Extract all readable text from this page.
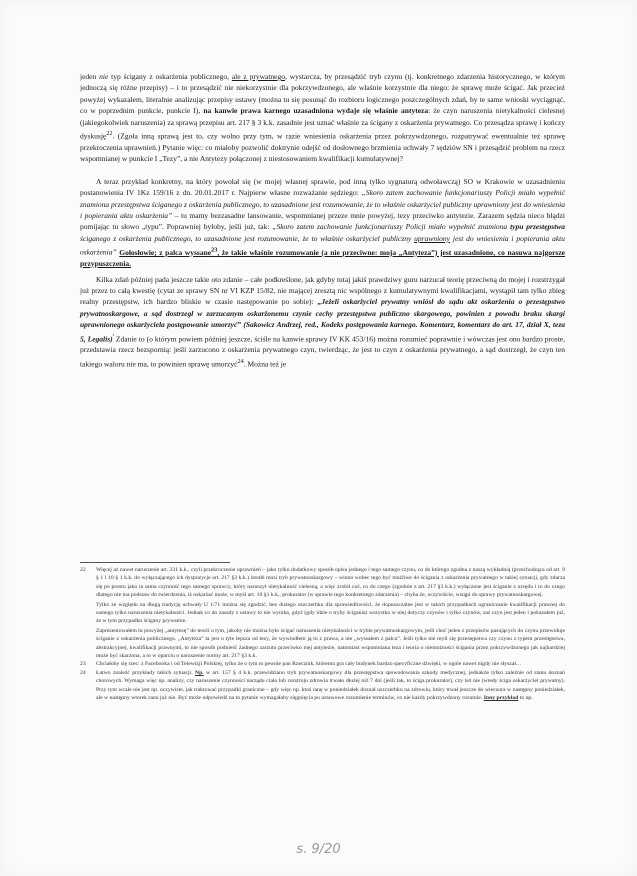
jeden nie typ ścigany z oskarżenia publicznego, ale z prywatnego, wystarcza, by przesądzić tryb czynu (tj. konkretnego zdarzenia historycznego, w którym jednoczą się różne przepisy) – i to przesądzić nie niekorzystnie dla pokrzywdzonego, ale właśnie korzystnie dla niego: że sprawę może ścigać. Jak przecież powyżej wykazałem, literalnie analizując przepisy ustawy (można tu się posunąć do rozbioru logicznego poszczególnych zdań, by te same wnioski wyciągnąć, co w poprzednim punkcie, punkcie I), na kanwie prawa karnego uzasadniona wydaje się właśnie antyteza: że czyn naruszenia nietykalności cielesnej (jakiegokolwiek naruszenia) za sprawą przepisu art. 217 § 3 k.k. zasadnie jest uznać właśnie za ścigany z oskarżenia prywatnego. Co przesądza sprawę i kończy dyskusję$^{22}$. (Zgoła inną sprawą jest to, czy wolno przy tym, w razie wniesienia oskarżenia przez pokrzywdzonego, rozpatrywać ewentualnie też sprawę przekroczenia uprawnień.) Pytanie więc: co miałoby pozwolić doktrynie odejść od dosłownego brzmienia uchwały 7 sędziów SN i przesądzić problem na rzecz wspomnianej w punkcie I „Tezy”, a nie Antytezy połączonej z niestosowaniem kwalifikacji kumulatywnej?

A teraz przykład konkretny, na który powołał się (w mojej własnej sprawie, pod inną tylko sygnaturą odwoławczą) SO w Krakowie w uzasadnieniu postanowienia IV 1Kz 159/16 z dn. 20.01.2017 r. Najpierw własne rozważanie sędziego: „Skoro zatem zachowanie funkcjonariuszy Policji miało wypełnić znamiona przestępstwa ściganego z oskarżenia publicznego, to uzasadnione jest rozumowanie, że to właśnie oskarżyciel publiczny uprawniony jest do wniesienia i popierania aktu oskarżenia” – tu mamy bezzasadne lansowanie, wspomnianej przeze mnie powyżej, tezy przeciwko antytezie. Zarazem sędzia nieco błądzi pomijając tu słowo „typu”. Poprawniej byłoby, jeśli już, tak: „Skoro zatem zachowanie funkcjonariuszy Policji miało wypełnić znamiona typu przestępstwa ściganego z oskarżenia publicznego, to uzasadnione jest rozumowanie, że to właśnie oskarżyciel publiczny uprawniony jest do wniesienia i popierania aktu oskarżenia” Gołosłowie; z palca wyssane$^{23}$, że takie właśnie rozumowanie (a nie przeciwne: moja „Antyteza”) jest uzasadnione, co nasuwa najgorsze przypuszczenia.

Kilka zdań później pada jeszcze takie oto zdanie – całe podkreślone, jak gdyby tutaj jakiś prawdziwy guru narzucał teorię przeciwną do mojej i rozstrzygał już przez to całą kwestię (cytat ze sprawy SN nr VI KZP 15/82, nie mającej zresztą nic wspólnego z kumulatywnymi kwalifikacjami, wystąpił tam tylko zbieg realny przestępstw, ich bardzo bliskie w czasie następowanie po sobie): „Jeżeli oskarżyciel prywatny wniósł do sądu akt oskarżenia o przestępstwo prywatnoskargowe, a sąd dostrzegł w zarzucanym oskarżonemu czynie cechy przestępstwa publiczno skargowego, powinien z powodu braku skargi uprawnionego oskarżyciela postępowanie umorzyć” (Sakowicz Andrzej, red., Kodeks postępowania karnego. Komentarz, komentarz do art. 17, dział X, teza 5, Legalis)$^{^i}$ Zdanie to (o którym powiem później jeszcze, ściśle na kanwie sprawy IV KK 453/16) można rozumieć poprawnie i wówczas jest ono bardzo proste, przedstawia rzecz bezspornią: jeśli zarzucono z oskarżenia prywatnego czyn, twierdząc, że jest to czyn z oskarżenia prywatnego, a sąd dostrzegł, że czyn ten takiego waloru nie ma, to powinien sprawę umorzyć$^{24}$. Można też je

22	Więcej aż nawet naruszenie art. 231 k.k., czyli przekroczenie uprawnień – jako tylko dodatkowy sposób opisu jednego i tego samego czynu, co do którego zgodna z naszą wykładnią (przechodząca od art. 9 § 1 i 10 § 1 k.k. do wyłączającego ich dyspozycje art. 217 §3 k.k.) istotlé musi tryb prywatnoskargowy – winno wobec tego być możliwe do ścigania z oskarżenia prywatnego w takiej sytuacji, gdy zdarza się po prostu jako ta sama czynność tego samego sprawcy, który naruszył nietykalność cielesną, a więc zrobił coś, co do czego (zgodnie z art. 217 §3 k.k.) wyłączone jest ściganie z urzędu i to do czego dlatego nie ma podstaw do twierdzenia, iż oskarżać może, w myśl art. 10 §1 k.k., prokurator (w sprawie tego konkretnego zdarzenia) – chyba że, oczywiście, wstąpi do sprawy prywatnoskargowej.

Tylko ze względu na długą tradycję uchwały U 1/71 można się zgodzić, bez dużego uszczerbku dla sprawiedliwości, że dopuszczalne jest w takich przypadkach ograniczanie kwalifikacji prawnej do samego tylko naruszenia nietykalności. Jednak co do zasady z ustawy to nie wynika, gdyż (gdy idzie o tryby ścigania) wszystko w niej dotyczy czynów i tylko czynów, zaś czyn jest jeden i pokazałem już, że w tym przypadku ścigany prywatnie.

Zaprezentowałem tu powyżej „antytezę” do teorii o tym, jakoby nie można było ścigać naruszenia nietykalności w trybie prywatnoskargowym, jeśli choć jeden z przepisów pasujących do czynu przewiduje ściganie z oskarżenia publicznego. „Antyteza” ta jest o tyle lepsza od tezy, że wywiodłem ją tu z prawa, a nie „wyssałem z palca”. Jeśli tylko nie myli się przestępstwa czy czynu z typem przestępstwa, abstrakcyjnej, kwalifikacji prawnymi, to nie sposób podnieść żadnego zarzutu przeciwko mej antytezie, natomiast wspomniana teza i teoria o niemożności ścigania przez pokrzywdzonego jak najbardziej może być skarzona, a to w oparciu o naruszenie normy art. 217 §3 k.k.

23	Chciałoby się rzec: z Facebooka i od Telewizji Polskiej, tylko że o tym to pewnie pan Rzecznik, któremu gra cały budynek bardzo specyficzne dźwięki, w ogóle nawet nigdy nie słyszał…

24	Łatwo znaleźć przykłady takich sytuacji. Np. w art. 157 § 4 k.k. przewidziano tryb prywatnoskargowy dla przestępstwa spowodowania szkody medycznej, jednakże tylko zależnie od stanu doznań chorowych. Wymaga więc np. analizy, czy naruszenie czynności narządu ciała lub rozstroju zdrowia trwało dłużej niż 7 dni (jeśli tak, to ściga prokurator), czy też nie (wtedy ściga oskarżyciel prywatny). Przy tym wcale nie jest np. oczywiste, jak traktować przypadki graniczne – gdy więc np. ktoś ranę w poniedziałek doznał uszczerbku na zdrowiu, który trwał jeszcze do wieczora w następny poniedziałek, ale w następny wtorek rano już nie. Być może odpowiedź na to pytanie wymagałaby sięgnięcia po ustawowe rozumienie terminów, co nie każdy pokrzywdzony rozumie. Inny przykład to np.

s. 9/20
